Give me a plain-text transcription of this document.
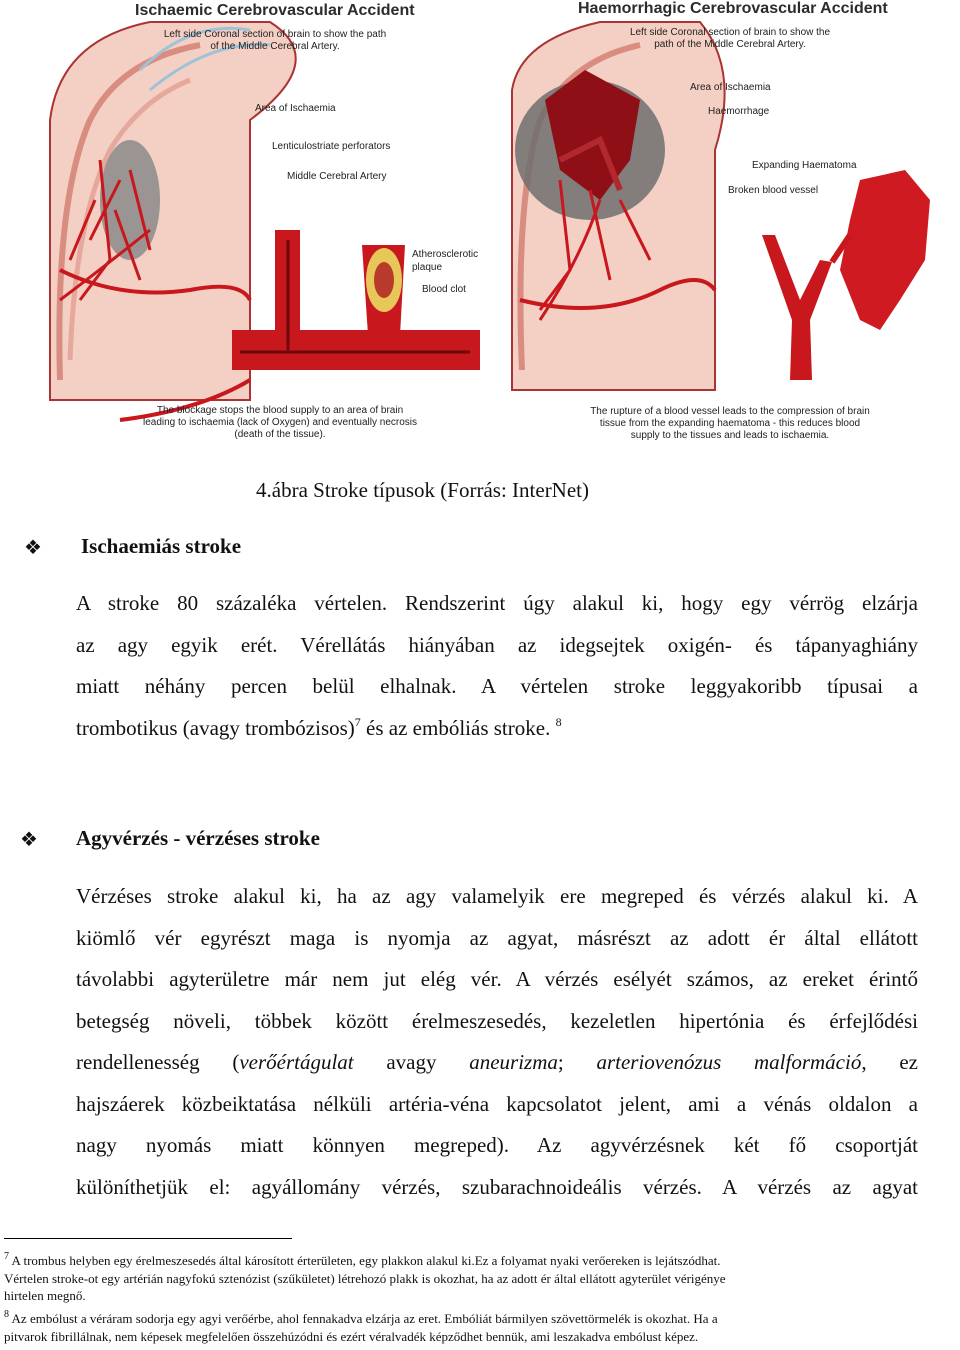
Ischaemic Cerebrovascular Accident
Left side Coronal section of brain to show the path of the Middle Cerebral Artery.
Area of Ischaemia
Lenticulostriate perforators
Middle Cerebral Artery
Atherosclerotic plaque
Blood clot
The blockage stops the blood supply to an area of brain leading to ischaemia (lack of Oxygen) and eventually necrosis (death of the tissue).
Haemorrhagic Cerebrovascular Accident
Left side Coronal section of brain to show the path of the Middle Cerebral Artery.
Area of Ischaemia
Haemorrhage
Expanding Haematoma
Broken blood vessel
The rupture of a blood vessel leads to the compression of brain tissue from the expanding haematoma - this reduces blood supply to the tissues and leads to ischaemia.
4.ábra Stroke típusok (Forrás: InterNet)
❖ Ischaemiás stroke
A stroke 80 százaléka vértelen. Rendszerint úgy alakul ki, hogy egy vérrög elzárja
az agy egyik erét. Vérellátás hiányában az idegsejtek oxigén- és tápanyaghiány
miatt néhány percen belül elhalnak. A vértelen stroke leggyakoribb típusai a
trombotikus (avagy trombózisos)$^7$ és az embóliás stroke. $^8$
❖ Agyvérzés - vérzéses stroke
Vérzéses stroke alakul ki, ha az agy valamelyik ere megreped és vérzés alakul ki. A
kiömlő vér egyrészt maga is nyomja az agyat, másrészt az adott ér által ellátott
távolabbi agyterületre már nem jut elég vér. A vérzés esélyét számos, az ereket érintő
betegség növeli, többek között érelmeszesedés, kezeletlen hipertónia és érfejlődési
rendellenesség (verőértágulat avagy aneurizma; arteriovenózus malformáció, ez
hajszáerek közbeiktatása nélküli artéria-véna kapcsolatot jelent, ami a vénás oldalon a
nagy nyomás miatt könnyen megreped). Az agyvérzésnek két fő csoportját
különíthetjük el: agyállomány vérzés, szubarachnoideális vérzés. A vérzés az agyat
$^7$ A trombus helyben egy érelmeszesedés által károsított érterületen, egy plakkon alakul ki.Ez a folyamat nyaki verőereken is lejátszódhat.
Vértelen stroke-ot egy artérián nagyfokú sztenózist (szűkületet) létrehozó plakk is okozhat, ha az adott ér által ellátott agyterület vérigénye
hirtelen megnő.
$^8$ Az embólust a véráram sodorja egy agyi verőérbe, ahol fennakadva elzárja az eret. Embóliát bármilyen szövettörmelék is okozhat. Ha a
pitvarok fibrillálnak, nem képesek megfelelően összehúzódni és ezért véralvadék képződhet bennük, ami leszakadva embólust képez.
